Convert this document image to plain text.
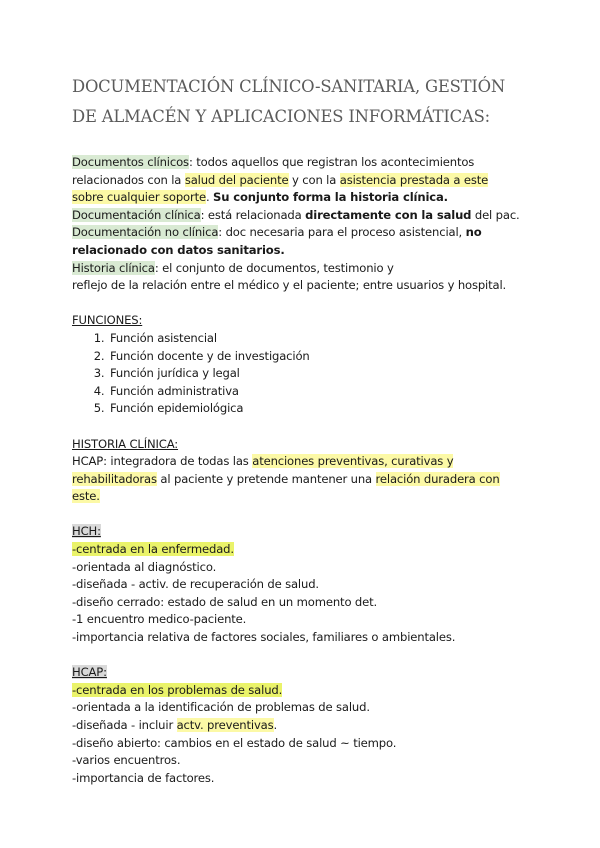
DOCUMENTACIÓN CLÍNICO-SANITARIA, GESTIÓN DE ALMACÉN Y APLICACIONES INFORMÁTICAS:

Documentos clínicos: todos aquellos que registran los acontecimientos

relacionados con la salud del paciente y con la asistencia prestada a este

sobre cualquier soporte. Su conjunto forma la historia clínica.

Documentación clínica: está relacionada directamente con la salud del pac.

Documentación no clínica: doc necesaria para el proceso asistencial, no

relacionado con datos sanitarios.

Historia clínica: el conjunto de documentos, testimonio y

reflejo de la relación entre el médico y el paciente; entre usuarios y hospital.

FUNCIONES:

1. Función asistencial
2. Función docente y de investigación
3. Función jurídica y legal
4. Función administrativa
5. Función epidemiológica

HISTORIA CLÍNICA:

HCAP: integradora de todas las atenciones preventivas, curativas y

rehabilitadoras al paciente y pretende mantener una relación duradera con

este.

HCH:

-centrada en la enfermedad.

-orientada al diagnóstico.

-diseñada - activ. de recuperación de salud.

-diseño cerrado: estado de salud en un momento det.

-1 encuentro medico-paciente.

-importancia relativa de factores sociales, familiares o ambientales.

HCAP:

-centrada en los problemas de salud.

-orientada a la identificación de problemas de salud.

-diseñada - incluir actv. preventivas.

-diseño abierto: cambios en el estado de salud ~ tiempo.

-varios encuentros.

-importancia de factores.
